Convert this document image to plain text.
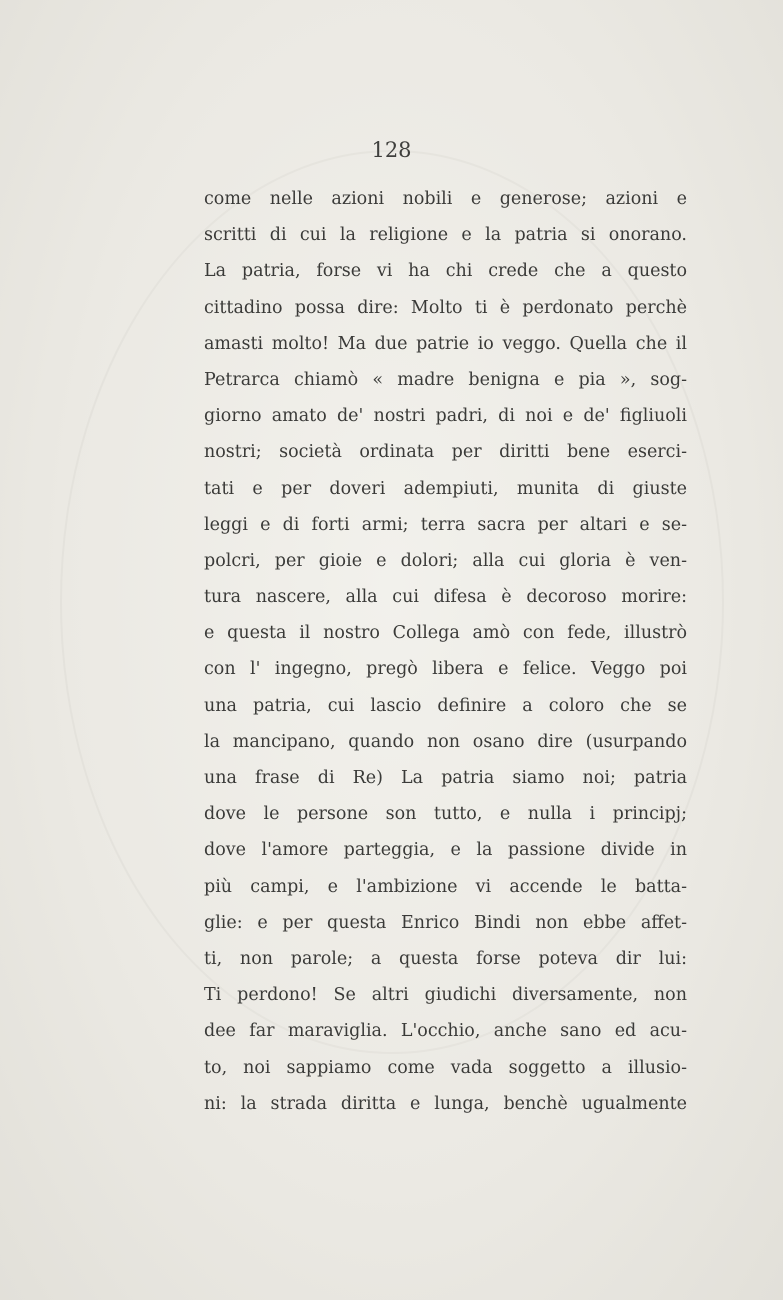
128

come nelle azioni nobili e generose; azioni e
scritti di cui la religione e la patria si onorano.
La patria, forse vi ha chi crede che a questo
cittadino possa dire: Molto ti è perdonato perchè
amasti molto! Ma due patrie io veggo. Quella che il
Petrarca chiamò « madre benigna e pia », sog-
giorno amato de' nostri padri, di noi e de' figliuoli
nostri; società ordinata per diritti bene eserci-
tati e per doveri adempiuti, munita di giuste
leggi e di forti armi; terra sacra per altari e se-
polcri, per gioie e dolori; alla cui gloria è ven-
tura nascere, alla cui difesa è decoroso morire:
e questa il nostro Collega amò con fede, illustrò
con l' ingegno, pregò libera e felice. Veggo poi
una patria, cui lascio definire a coloro che se
la mancipano, quando non osano dire (usurpando
una frase di Re) La patria siamo noi; patria
dove le persone son tutto, e nulla i principj;
dove l'amore parteggia, e la passione divide in
più campi, e l'ambizione vi accende le batta-
glie: e per questa Enrico Bindi non ebbe affet-
ti, non parole; a questa forse poteva dir lui:
Ti perdono! Se altri giudichi diversamente, non
dee far maraviglia. L'occhio, anche sano ed acu-
to, noi sappiamo come vada soggetto a illusio-
ni: la strada diritta e lunga, benchè ugualmente
